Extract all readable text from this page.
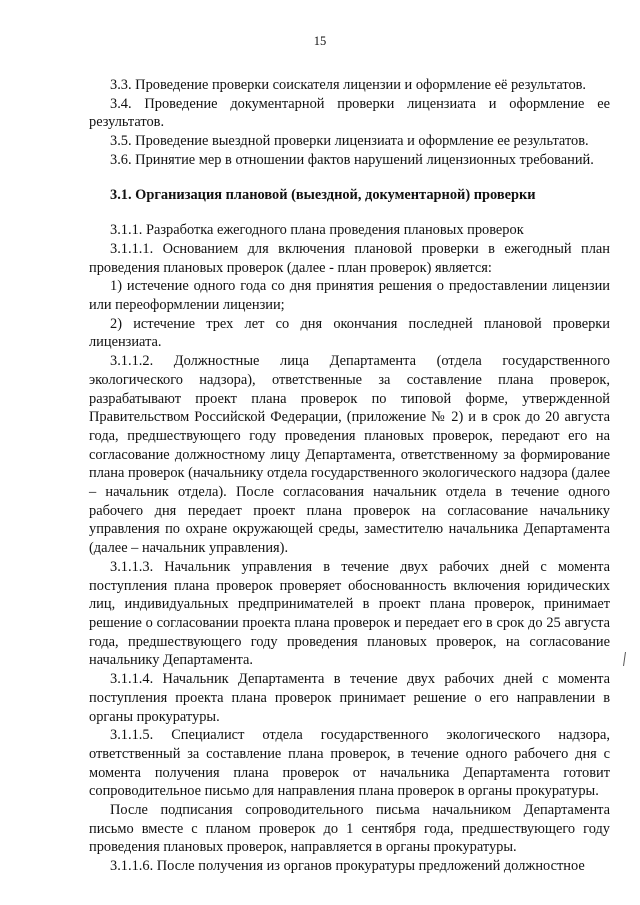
15

3.3. Проведение проверки соискателя лицензии и оформление её результатов.

3.4. Проведение документарной проверки лицензиата и оформление ее результатов.

3.5. Проведение выездной проверки лицензиата и оформление ее результатов.

3.6. Принятие мер в отношении фактов нарушений лицензионных требований.

3.1. Организация плановой (выездной, документарной) проверки

3.1.1. Разработка ежегодного плана проведения плановых проверок

3.1.1.1. Основанием для включения плановой проверки в ежегодный план проведения плановых проверок (далее - план проверок) является:

1) истечение одного года со дня принятия решения о предоставлении лицензии или переоформлении лицензии;

2) истечение трех лет со дня окончания последней плановой проверки лицензиата.

3.1.1.2. Должностные лица Департамента (отдела государственного экологического надзора), ответственные за составление плана проверок, разрабатывают проект плана проверок по типовой форме, утвержденной Правительством Российской Федерации, (приложение № 2) и в срок до 20 августа года, предшествующего году проведения плановых проверок, передают его на согласование должностному лицу Департамента, ответственному за формирование плана проверок (начальнику отдела государственного экологического надзора (далее – начальник отдела). После согласования начальник отдела в течение одного рабочего дня передает проект плана проверок на согласование начальнику управления по охране окружающей среды, заместителю начальника Департамента (далее – начальник управления).

3.1.1.3. Начальник управления в течение двух рабочих дней с момента поступления плана проверок проверяет обоснованность включения юридических лиц, индивидуальных предпринимателей в проект плана проверок, принимает решение о согласовании проекта плана проверок и передает его в срок до 25 августа года, предшествующего году проведения плановых проверок, на согласование начальнику Департамента.

3.1.1.4. Начальник Департамента в течение двух рабочих дней с момента поступления проекта плана проверок принимает решение о его направлении в органы прокуратуры.

3.1.1.5. Специалист отдела государственного экологического надзора, ответственный за составление плана проверок, в течение одного рабочего дня с момента получения плана проверок от начальника Департамента готовит сопроводительное письмо для направления плана проверок в органы прокуратуры.

После подписания сопроводительного письма начальником Департамента письмо вместе с планом проверок до 1 сентября года, предшествующего году проведения плановых проверок, направляется в органы прокуратуры.

3.1.1.6. После получения из органов прокуратуры предложений должностное
